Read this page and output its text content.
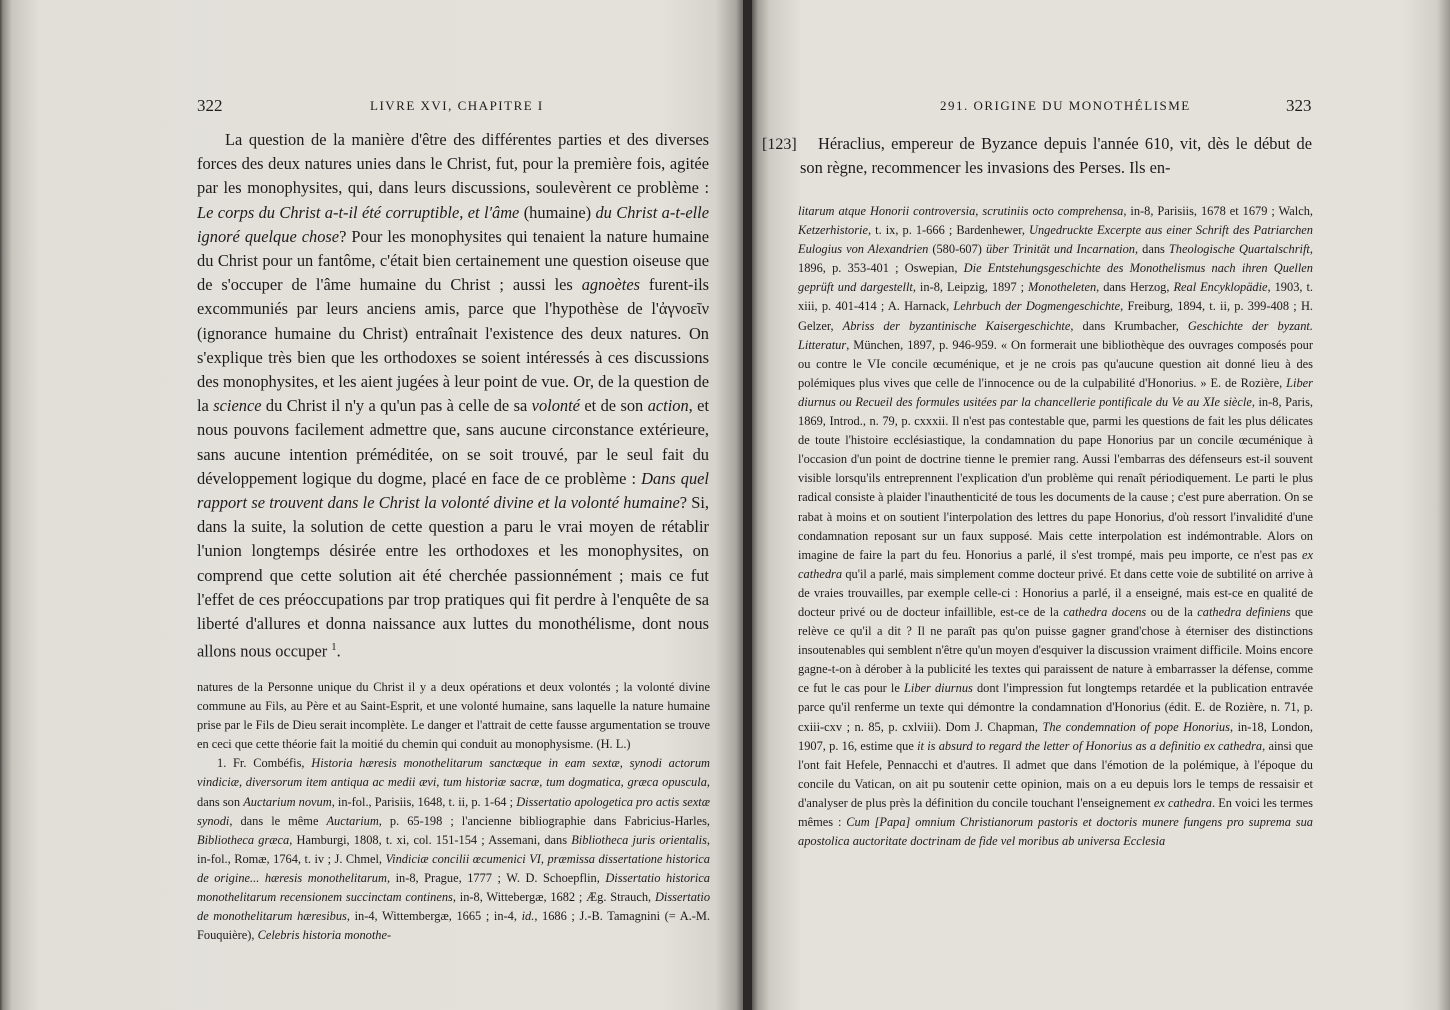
322	LIVRE XVI, CHAPITRE I

La question de la manière d'être des différentes parties et des diverses forces des deux natures unies dans le Christ, fut, pour la première fois, agitée par les monophysites, qui, dans leurs discussions, soulevèrent ce problème : Le corps du Christ a-t-il été corruptible, et l'âme (humaine) du Christ a-t-elle ignoré quelque chose? Pour les monophysites qui tenaient la nature humaine du Christ pour un fantôme, c'était bien certainement une question oiseuse que de s'occuper de l'âme humaine du Christ ; aussi les agnoètes furent-ils excommuniés par leurs anciens amis, parce que l'hypothèse de l'ἀγνοεῖν (ignorance humaine du Christ) entraînait l'existence des deux natures. On s'explique très bien que les orthodoxes se soient intéressés à ces discussions des monophysites, et les aient jugées à leur point de vue. Or, de la question de la science du Christ il n'y a qu'un pas à celle de sa volonté et de son action, et nous pouvons facilement admettre que, sans aucune circonstance extérieure, sans aucune intention préméditée, on se soit trouvé, par le seul fait du développement logique du dogme, placé en face de ce problème : Dans quel rapport se trouvent dans le Christ la volonté divine et la volonté humaine? Si, dans la suite, la solution de cette question a paru le vrai moyen de rétablir l'union longtemps désirée entre les orthodoxes et les monophysites, on comprend que cette solution ait été cherchée passionnément ; mais ce fut l'effet de ces préoccupations par trop pratiques qui fit perdre à l'enquête de sa liberté d'allures et donna naissance aux luttes du monothélisme, dont nous allons nous occuper $^1$.

natures de la Personne unique du Christ il y a deux opérations et deux volontés ; la volonté divine commune au Fils, au Père et au Saint-Esprit, et une volonté humaine, sans laquelle la nature humaine prise par le Fils de Dieu serait incomplète. Le danger et l'attrait de cette fausse argumentation se trouve en ceci que cette théorie fait la moitié du chemin qui conduit au monophysisme. (H. L.)

1. Fr. Combéfis, Historia hæresis monothelitarum sanctæque in eam sextæ, synodi actorum vindiciæ, diversorum item antiqua ac medii ævi, tum historiæ sacræ, tum dogmatica, græca opuscula, dans son Auctarium novum, in-fol., Parisiis, 1648, t. ii, p. 1-64 ; Dissertatio apologetica pro actis sextæ synodi, dans le même Auctarium, p. 65-198 ; l'ancienne bibliographie dans Fabricius-Harles, Bibliotheca græca, Hamburgi, 1808, t. xi, col. 151-154 ; Assemani, dans Bibliotheca juris orientalis, in-fol., Romæ, 1764, t. iv ; J. Chmel, Vindiciæ concilii œcumenici VI, præmissa dissertatione historica de origine... hæresis monothelitarum, in-8, Prague, 1777 ; W. D. Schoepflin, Dissertatio historica monothelitarum recensionem succinctam continens, in-8, Wittebergæ, 1682 ; Æg. Strauch, Dissertatio de monothelitarum hæresibus, in-4, Wittembergæ, 1665 ; in-4, id., 1686 ; J.-B. Tamagnini (= A.-M. Fouquière), Celebris historia monothe-

291. ORIGINE DU MONOTHÉLISME	323
[123]	Héraclius, empereur de Byzance depuis l'année 610, vit, dès le début de son règne, recommencer les invasions des Perses. Ils en-

litarum atque Honorii controversia, scrutiniis octo comprehensa, in-8, Parisiis, 1678 et 1679 ; Walch, Ketzerhistorie, t. ix, p. 1-666 ; Bardenhewer, Ungedruckte Excerpte aus einer Schrift des Patriarchen Eulogius von Alexandrien (580-607) über Trinität und Incarnation, dans Theologische Quartalschrift, 1896, p. 353-401 ; Oswepian, Die Entstehungsgeschichte des Monothelismus nach ihren Quellen geprüft und dargestellt, in-8, Leipzig, 1897 ; Monotheleten, dans Herzog, Real Encyklopädie, 1903, t. xiii, p. 401-414 ; A. Harnack, Lehrbuch der Dogmengeschichte, Freiburg, 1894, t. ii, p. 399-408 ; H. Gelzer, Abriss der byzantinische Kaisergeschichte, dans Krumbacher, Geschichte der byzant. Litteratur, München, 1897, p. 946-959. « On formerait une bibliothèque des ouvrages composés pour ou contre le VIe concile œcuménique, et je ne crois pas qu'aucune question ait donné lieu à des polémiques plus vives que celle de l'innocence ou de la culpabilité d'Honorius. » E. de Rozière, Liber diurnus ou Recueil des formules usitées par la chancellerie pontificale du Ve au XIe siècle, in-8, Paris, 1869, Introd., n. 79, p. cxxxii. Il n'est pas contestable que, parmi les questions de fait les plus délicates de toute l'histoire ecclésiastique, la condamnation du pape Honorius par un concile œcuménique à l'occasion d'un point de doctrine tienne le premier rang. Aussi l'embarras des défenseurs est-il souvent visible lorsqu'ils entreprennent l'explication d'un problème qui renaît périodiquement. Le parti le plus radical consiste à plaider l'inauthenticité de tous les documents de la cause ; c'est pure aberration. On se rabat à moins et on soutient l'interpolation des lettres du pape Honorius, d'où ressort l'invalidité d'une condamnation reposant sur un faux supposé. Mais cette interpolation est indémontrable. Alors on imagine de faire la part du feu. Honorius a parlé, il s'est trompé, mais peu importe, ce n'est pas ex cathedra qu'il a parlé, mais simplement comme docteur privé. Et dans cette voie de subtilité on arrive à de vraies trouvailles, par exemple celle-ci : Honorius a parlé, il a enseigné, mais est-ce en qualité de docteur privé ou de docteur infaillible, est-ce de la cathedra docens ou de la cathedra definiens que relève ce qu'il a dit ? Il ne paraît pas qu'on puisse gagner grand'chose à éterniser des distinctions insoutenables qui semblent n'être qu'un moyen d'esquiver la discussion vraiment difficile. Moins encore gagne-t-on à dérober à la publicité les textes qui paraissent de nature à embarrasser la défense, comme ce fut le cas pour le Liber diurnus dont l'impression fut longtemps retardée et la publication entravée parce qu'il renferme un texte qui démontre la condamnation d'Honorius (édit. E. de Rozière, n. 71, p. cxiii-cxv ; n. 85, p. cxlviii). Dom J. Chapman, The condemnation of pope Honorius, in-18, London, 1907, p. 16, estime que it is absurd to regard the letter of Honorius as a definitio ex cathedra, ainsi que l'ont fait Hefele, Pennacchi et d'autres. Il admet que dans l'émotion de la polémique, à l'époque du concile du Vatican, on ait pu soutenir cette opinion, mais on a eu depuis lors le temps de ressaisir et d'analyser de plus près la définition du concile touchant l'enseignement ex cathedra. En voici les termes mêmes : Cum [Papa] omnium Christianorum pastoris et doctoris munere fungens pro suprema sua apostolica auctoritate doctrinam de fide vel moribus ab universa Ecclesia
